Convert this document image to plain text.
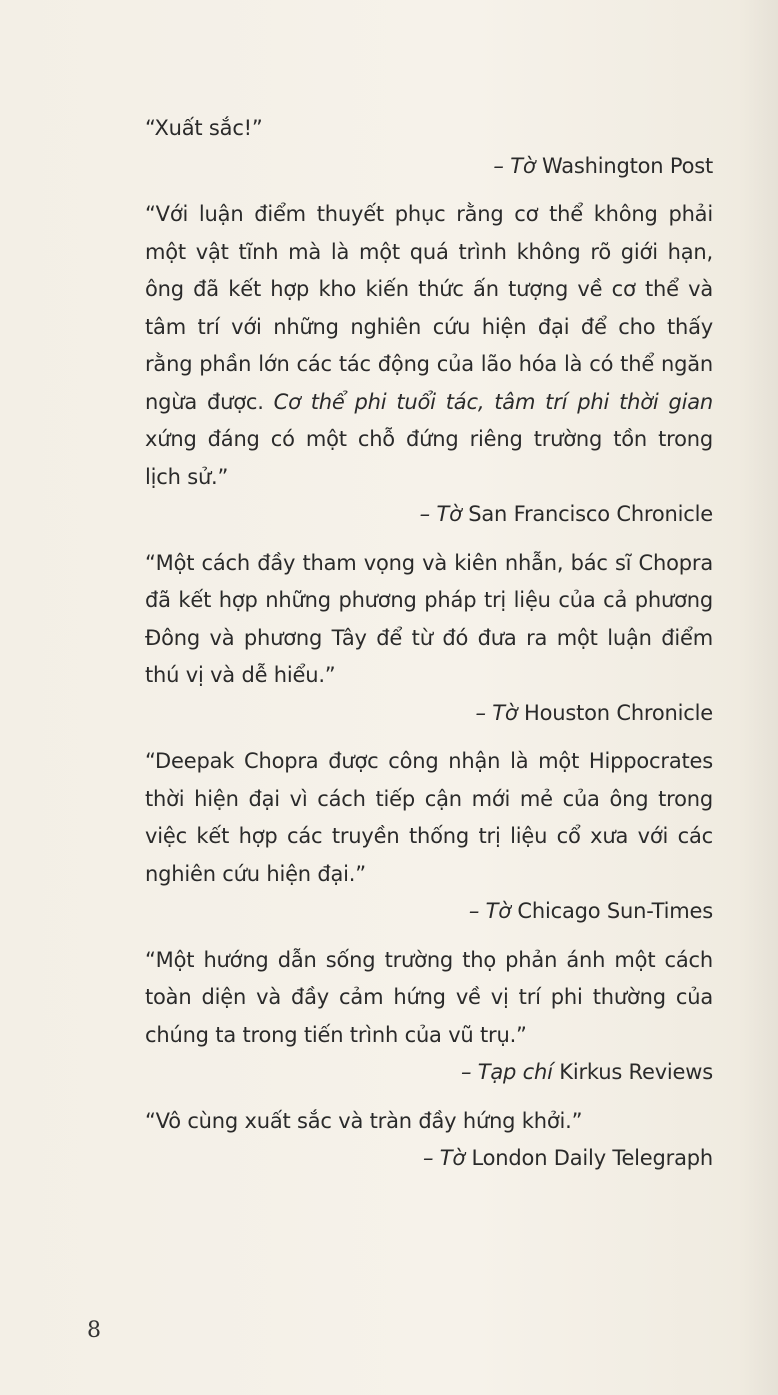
“Xuất sắc!”

– Tờ Washington Post

“Với luận điểm thuyết phục rằng cơ thể không phải một vật tĩnh mà là một quá trình không rõ giới hạn, ông đã kết hợp kho kiến thức ấn tượng về cơ thể và tâm trí với những nghiên cứu hiện đại để cho thấy rằng phần lớn các tác động của lão hóa là có thể ngăn ngừa được. Cơ thể phi tuổi tác, tâm trí phi thời gian xứng đáng có một chỗ đứng riêng trường tồn trong lịch sử.”

– Tờ San Francisco Chronicle

“Một cách đầy tham vọng và kiên nhẫn, bác sĩ Chopra đã kết hợp những phương pháp trị liệu của cả phương Đông và phương Tây để từ đó đưa ra một luận điểm thú vị và dễ hiểu.”

– Tờ Houston Chronicle

“Deepak Chopra được công nhận là một Hippocrates thời hiện đại vì cách tiếp cận mới mẻ của ông trong việc kết hợp các truyền thống trị liệu cổ xưa với các nghiên cứu hiện đại.”

– Tờ Chicago Sun-Times

“Một hướng dẫn sống trường thọ phản ánh một cách toàn diện và đầy cảm hứng về vị trí phi thường của chúng ta trong tiến trình của vũ trụ.”

– Tạp chí Kirkus Reviews

“Vô cùng xuất sắc và tràn đầy hứng khởi.”

– Tờ London Daily Telegraph

8
